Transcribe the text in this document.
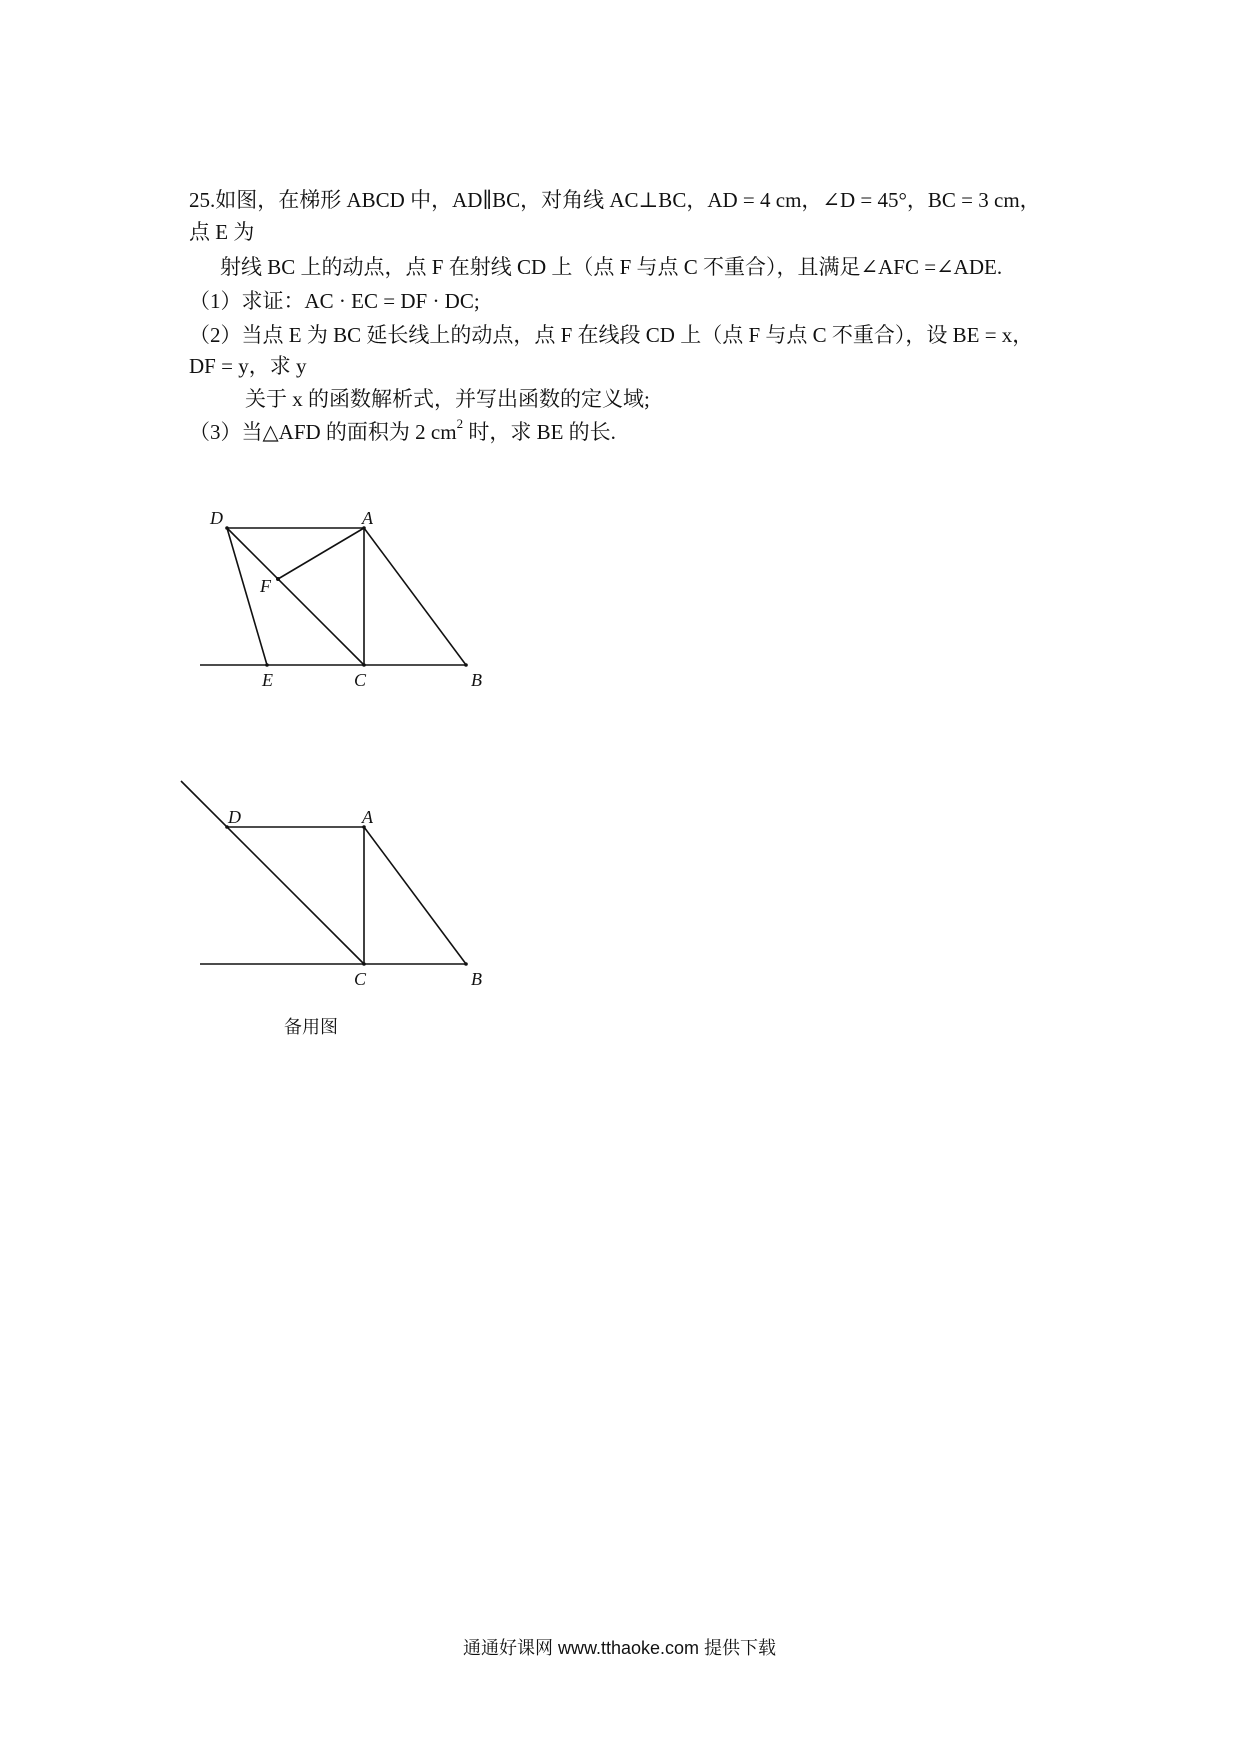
25.如图，在梯形 ABCD 中，AD∥BC，对角线 AC⊥BC，AD = 4 cm，∠D = 45°，BC = 3 cm，
点 E 为
射线 BC 上的动点，点 F 在射线 CD 上（点 F 与点 C 不重合），且满足∠AFC =∠ADE.
（1）求证：AC · EC = DF · DC;
（2）当点 E 为 BC 延长线上的动点，点 F 在线段 CD 上（点 F 与点 C 不重合），设 BE = x，
DF = y，求 y
关于 x 的函数解析式，并写出函数的定义域;
（3）当△AFD 的面积为 2 $cm^2$ 时，求 BE 的长.
D	A
F
E	C	B
D	A
C	B
备用图
通通好课网 www.tthaoke.com 提供下载
